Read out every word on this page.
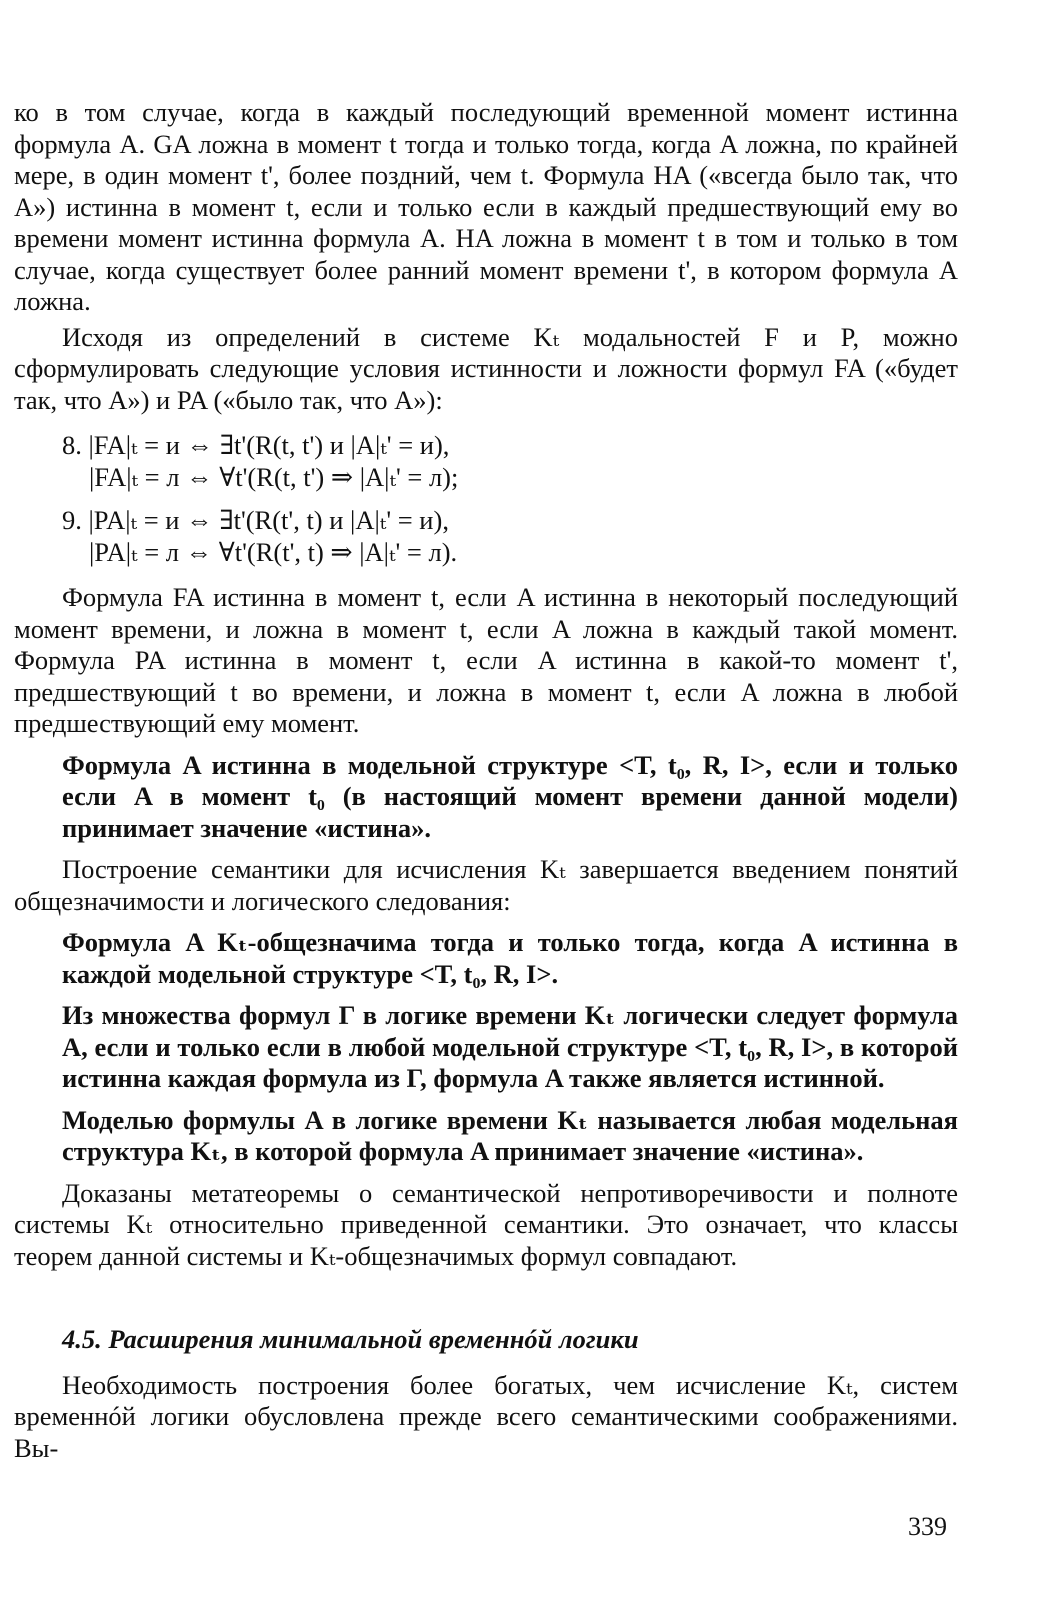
ко в том случае, когда в каждый последующий временной момент истинна формула A. GA ложна в момент t тогда и только тогда, когда A ложна, по крайней мере, в один момент t', более поздний, чем t. Формула HA («всегда было так, что A») истинна в момент t, если и только если в каждый предшествующий ему во времени момент истинна формула A. HA ложна в момент t в том и только в том случае, когда существует более ранний момент времени t', в котором формула A ложна.

Исходя из определений в системе Kₜ модальностей F и P, можно сформулировать следующие условия истинности и ложности формул FA («будет так, что A») и PA («было так, что A»):

8. |FA|ₜ = и ⇔ ∃t'(R(t, t') и |A|ₜ' = и),
|FA|ₜ = л ⇔ ∀t'(R(t, t') ⇒ |A|ₜ' = л);
9. |PA|ₜ = и ⇔ ∃t'(R(t', t) и |A|ₜ' = и),
|PA|ₜ = л ⇔ ∀t'(R(t', t) ⇒ |A|ₜ' = л).

Формула FA истинна в момент t, если A истинна в некоторый последующий момент времени, и ложна в момент t, если A ложна в каждый такой момент. Формула PA истинна в момент t, если A истинна в какой-то момент t', предшествующий t во времени, и ложна в момент t, если A ложна в любой предшествующий ему момент.

Формула A истинна в модельной структуре <T, t₀, R, I>, если и только если A в момент t₀ (в настоящий момент времени данной модели) принимает значение «истина».

Построение семантики для исчисления Kₜ завершается введением понятий общезначимости и логического следования:

Формула A Kₜ-общезначима тогда и только тогда, когда A истинна в каждой модельной структуре <T, t₀, R, I>.

Из множества формул Γ в логике времени Kₜ логически следует формула A, если и только если в любой модельной структуре <T, t₀, R, I>, в которой истинна каждая формула из Γ, формула A также является истинной.

Моделью формулы A в логике времени Kₜ называется любая модельная структура Kₜ, в которой формула A принимает значение «истина».

Доказаны метатеоремы о семантической непротиворечивости и полноте системы Kₜ относительно приведенной семантики. Это означает, что классы теорем данной системы и Kₜ-общезначимых формул совпадают.

4.5. Расширения минимальной временнóй логики

Необходимость построения более богатых, чем исчисление Kₜ, систем временнóй логики обусловлена прежде всего семантическими соображениями. Вы-

339
